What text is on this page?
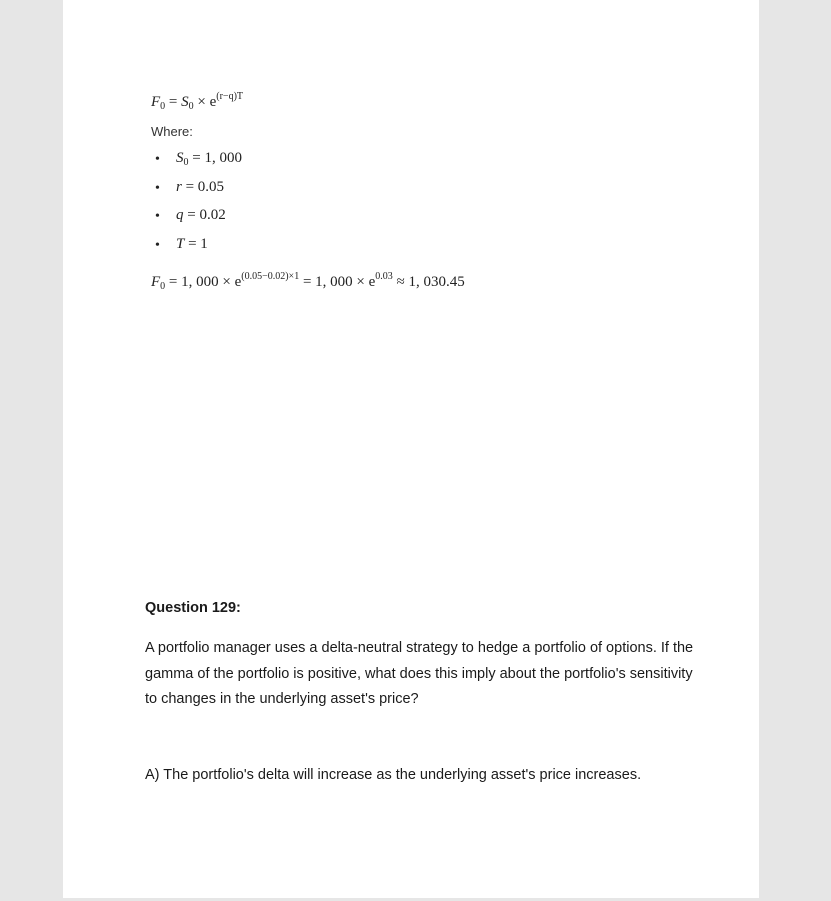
$F_0 = S_0 \times e^{(r-q)T}$
Where:
• $S_0 = 1$, 000
• r = 0.05
• q = 0.02
• T = 1
$F_0 = 1$, $000 \times e^{(0.05-0.02)\times 1} = 1$, $000 \times e^{0.03} \approx 1$, 030.45
Question 129:
A portfolio manager uses a delta-neutral strategy to hedge a portfolio of options. If the gamma of the portfolio is positive, what does this imply about the portfolio's sensitivity to changes in the underlying asset's price?
A) The portfolio's delta will increase as the underlying asset's price increases.
